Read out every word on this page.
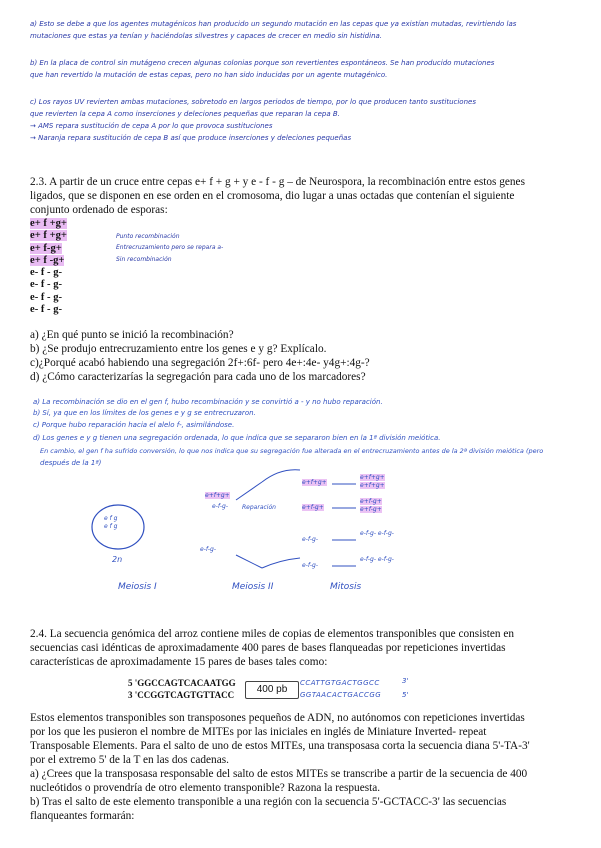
a) Esto se debe a que los agentes mutagénicos han producido un segundo mutación en las cepas que ya existían mutadas, revirtiendo las
mutaciones que estas ya tenían y haciéndolas silvestres y capaces de crecer en medio sin histidina.
b) En la placa de control sin mutágeno crecen algunas colonias porque son revertientes espontáneos. Se han producido mutaciones
que han revertido la mutación de estas cepas, pero no han sido inducidas por un agente mutagénico.
c) Los rayos UV revierten ambas mutaciones, sobretodo en largos periodos de tiempo, por lo que producen tanto sustituciones
que revierten la cepa A como inserciones y deleciones pequeñas que reparan la cepa B.
→ AMS repara sustitución de cepa A por lo que provoca sustituciones
→ Naranja repara sustitución de cepa B así que produce inserciones y deleciones pequeñas
2.3. A partir de un cruce entre cepas e+ f + g + y e - f - g – de Neurospora, la recombinación entre estos genes
ligados, que se disponen en ese orden en el cromosoma, dio lugar a unas octadas que contenían el siguiente
conjunto ordenado de esporas:
e+ f +g+
e+ f +g+
e+ f-g+
e+ f -g+
e- f - g-
e- f - g-
e- f - g-
e- f - g-
Punto recombinación
Entrecruzamiento pero se repara a-
Sin recombinación
a) ¿En qué punto se inició la recombinación?
b) ¿Se produjo entrecruzamiento entre los genes e y g? Explícalo.
c)¿Porqué acabó habiendo una segregación 2f+:6f- pero 4e+:4e- y4g+:4g-?
d) ¿Cómo caracterizarías la segregación para cada uno de los marcadores?
a) La recombinación se dio en el gen f, hubo recombinación y se convirtió a - y no hubo reparación.
b) Sí, ya que en los límites de los genes e y g se entrecruzaron.
c) Porque hubo reparación hacia el alelo f-, asimilándose.
d) Los genes e y g tienen una segregación ordenada, lo que indica que se separaron bien en la 1ª división meiótica.
En cambio, el gen f ha sufrido conversión, lo que nos indica que su segregación fue alterada en el entrecruzamiento antes de la 2ª división meiótica (pero
después de la 1ª)
e f g
e f g
2n
e+f+g+
e-f-g-
e-f-g-
Reparación
e+f+g+
e+f-g+
e-f-g-
e-f-g-
e+f+g+ e+f+g+
e+f-g+ e+f-g+
e-f-g- e-f-g-
e-f-g- e-f-g-
Meiosis I	Meiosis II	Mitosis
2.4. La secuencia genómica del arroz contiene miles de copias de elementos transponibles que consisten en
secuencias casi idénticas de aproximadamente 400 pares de bases flanqueadas por repeticiones invertidas
características de aproximadamente 15 pares de bases tales como:
5 'GGCCAGTCACAATGG
3 'CCGGTCAGTGTTACC	400 pb
CCATTGTGACTGGCC
GGTAACACTGACCGG
3'
5'
Estos elementos transponibles son transposones pequeños de ADN, no autónomos con repeticiones invertidas
por los que les pusieron el nombre de MITEs por las iniciales en inglés de Miniature Inverted- repeat
Transposable Elements. Para el salto de uno de estos MITEs, una transposasa corta la secuencia diana 5'-TA-3'
por el extremo 5' de la T en las dos cadenas.
a) ¿Crees que la transposasa responsable del salto de estos MITEs se transcribe a partir de la secuencia de 400
nucleótidos o provendría de otro elemento transponible? Razona la respuesta.
b) Tras el salto de este elemento transponible a una región con la secuencia 5'-GCTACC-3' las secuencias
flanqueantes formarán:
